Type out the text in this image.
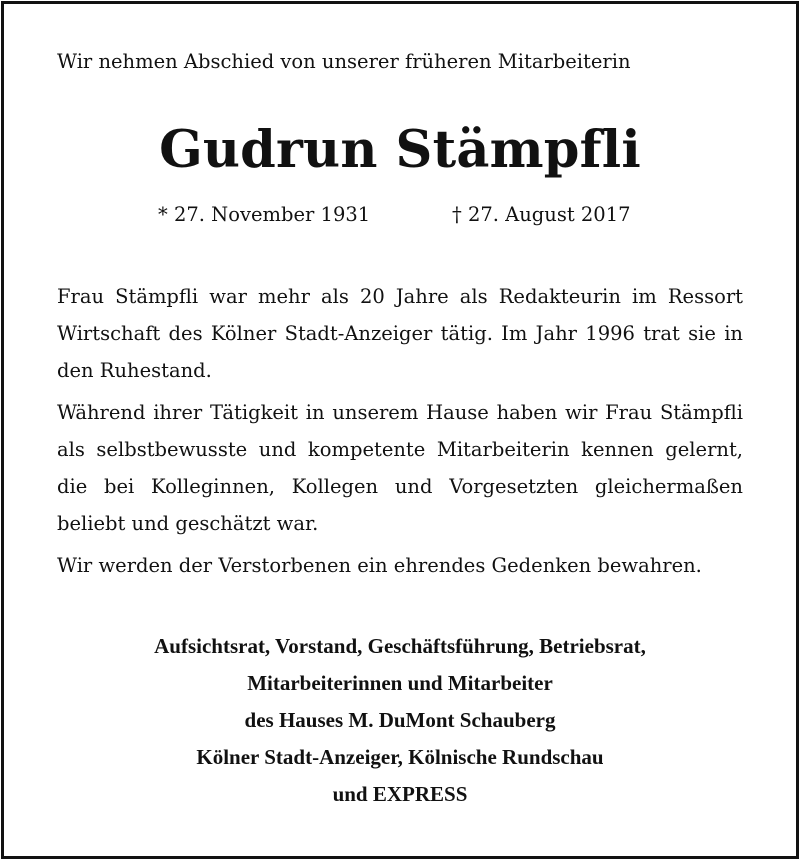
Wir nehmen Abschied von unserer früheren Mitarbeiterin
Gudrun Stämpfli
* 27. November 1931	† 27. August 2017
Frau Stämpfli war mehr als 20 Jahre als Redakteurin im Ressort Wirtschaft des Kölner Stadt-Anzeiger tätig. Im Jahr 1996 trat sie in den Ruhestand.
Während ihrer Tätigkeit in unserem Hause haben wir Frau Stämpfli als selbstbewusste und kompetente Mitarbeiterin kennen gelernt, die bei Kolleginnen, Kollegen und Vorgesetzten gleichermaßen beliebt und geschätzt war.
Wir werden der Verstorbenen ein ehrendes Gedenken bewahren.
Aufsichtsrat, Vorstand, Geschäftsführung, Betriebsrat,
Mitarbeiterinnen und Mitarbeiter
des Hauses M. DuMont Schauberg
Kölner Stadt-Anzeiger, Kölnische Rundschau
und EXPRESS
